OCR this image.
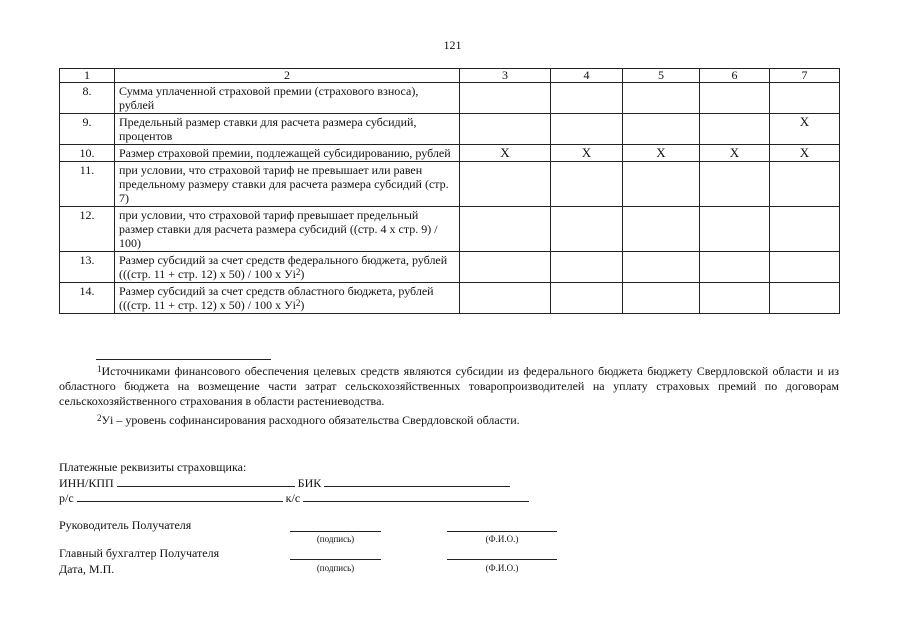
121
1	2	3	4	5	6	7
8.	Сумма уплаченной страховой премии (страхового взноса), рублей					
9.	Предельный размер ставки для расчета размера субсидий, процентов					Х
10.	Размер страховой премии, подлежащей субсидированию, рублей	Х	Х	Х	Х	Х
11.	при условии, что страховой тариф не превышает или равен предельному размеру ставки для расчета размера субсидий (стр. 7)					
12.	при условии, что страховой тариф превышает предельный размер ставки для расчета размера субсидий ((стр. 4 х стр. 9) / 100)					
13.	Размер субсидий за счет средств федерального бюджета, рублей (((стр. 11 + стр. 12) х 50) / 100 х $Уi^2$)					
14.	Размер субсидий за счет средств областного бюджета, рублей (((стр. 11 + стр. 12) х 50) / 100 х $Уi^2$)					
$^1$Источниками финансового обеспечения целевых средств являются субсидии из федерального бюджета бюджету Свердловской области и из областного бюджета на возмещение части затрат сельскохозяйственных товаропроизводителей на уплату страховых премий по договорам сельскохозяйственного страхования в области растениеводства.
$^2$Уi – уровень софинансирования расходного обязательства Свердловской области.
Платежные реквизиты страховщика:
ИНН/КПП	БИК
р/с	к/с
Руководитель Получателя
(подпись)	(Ф.И.О.)
Главный бухгалтер Получателя
Дата, М.П.	(подпись)	(Ф.И.О.)
